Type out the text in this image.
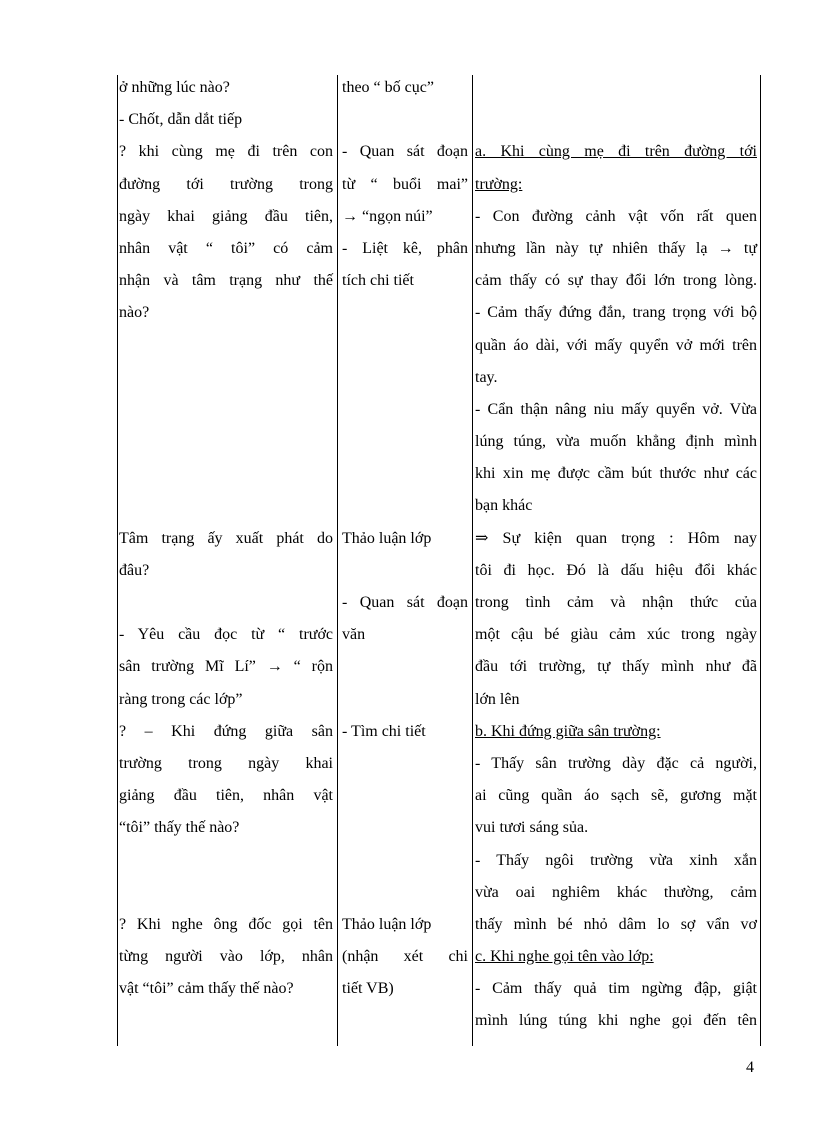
ở những lúc nào?
- Chốt, dẫn dắt tiếp
? khi cùng mẹ đi trên con
đường tới trường trong
ngày khai giảng đầu tiên,
nhân vật “ tôi” có cảm
nhận và tâm trạng như thế
nào?
Tâm trạng ấy xuất phát do
đâu?
- Yêu cầu đọc từ “ trước
sân trường Mĩ Lí” → “ rộn
ràng trong các lớp”
? – Khi đứng giữa sân
trường trong ngày khai
giảng đầu tiên, nhân vật
“tôi” thấy thế nào?
? Khi nghe ông đốc gọi tên
từng người vào lớp, nhân
vật “tôi” cảm thấy thế nào?
theo “ bố cục”
- Quan sát đoạn
từ “ buổi mai”
→ “ngọn núi”
- Liệt kê, phân
tích chi tiết
Thảo luận lớp
- Quan sát đoạn
văn
- Tìm chi tiết
Thảo luận lớp
(nhận xét chi
tiết VB)
a. Khi cùng mẹ đi trên đường tới
trường:
- Con đường cảnh vật vốn rất quen
nhưng lần này tự nhiên thấy lạ → tự
cảm thấy có sự thay đổi lớn trong lòng.
- Cảm thấy đứng đắn, trang trọng với bộ
quần áo dài, với mấy quyển vở mới trên
tay.
- Cẩn thận nâng niu mấy quyển vở. Vừa
lúng túng, vừa muốn khẳng định mình
khi xin mẹ được cầm bút thước như các
bạn khác
⇒ Sự kiện quan trọng : Hôm nay
tôi đi học. Đó là dấu hiệu đổi khác
trong tình cảm và nhận thức của
một cậu bé giàu cảm xúc trong ngày
đầu tới trường, tự thấy mình như đã
lớn lên
b. Khi đứng giữa sân trường:
- Thấy sân trường dày đặc cả người,
ai cũng quần áo sạch sẽ, gương mặt
vui tươi sáng sủa.
- Thấy ngôi trường vừa xinh xắn
vừa oai nghiêm khác thường, cảm
thấy mình bé nhỏ dâm lo sợ vẩn vơ
c. Khi nghe gọi tên vào lớp:
- Cảm thấy quả tim ngừng đập, giật
mình lúng túng khi nghe gọi đến tên
4
